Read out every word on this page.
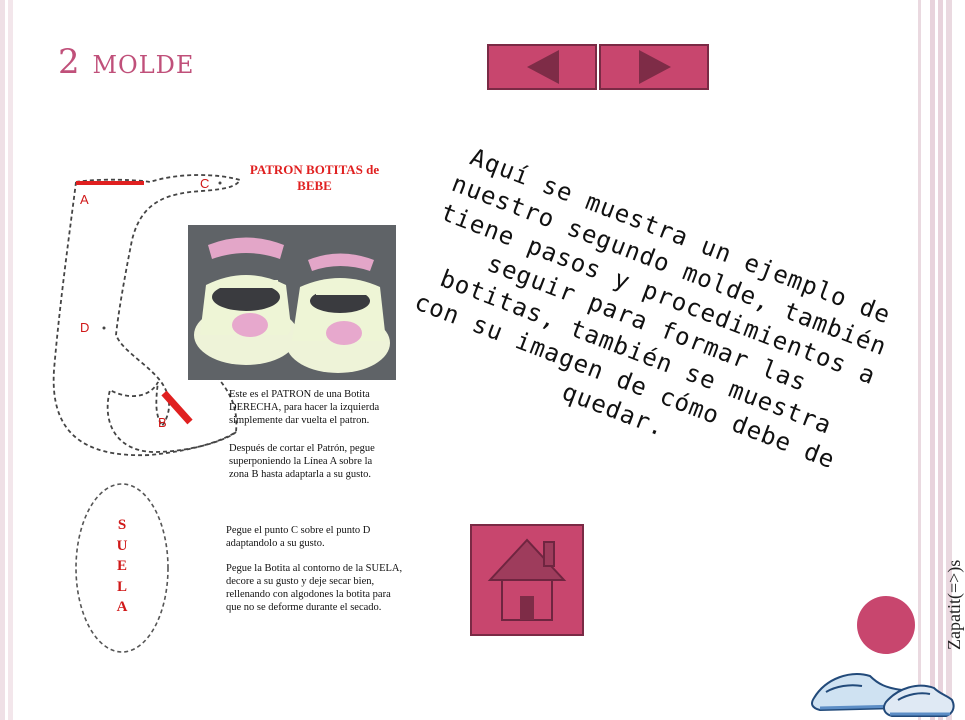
2 MOLDE
Aquí se muestra un ejemplo de nuestro segundo molde, también tiene pasos y procedimientos a seguir para formar las botitas, también se muestra con su imagen de cómo debe de quedar.
A
C
D
B
PATRON BOTITAS de BEBE
Este es el PATRON de una Botita DERECHA, para hacer la izquierda simplemente dar vuelta el patron.
Después de cortar el Patrón, pegue superponiendo la Línea A sobre la zona B hasta adaptarla a su gusto.
Pegue el punto C sobre el punto D adaptandolo a su gusto.
Pegue la Botita al contorno de la SUELA, decore a su gusto y deje secar bien, rellenando con algodones la botita para que no se deforme durante el secado.
SUELA	Zapatit(=>)s
